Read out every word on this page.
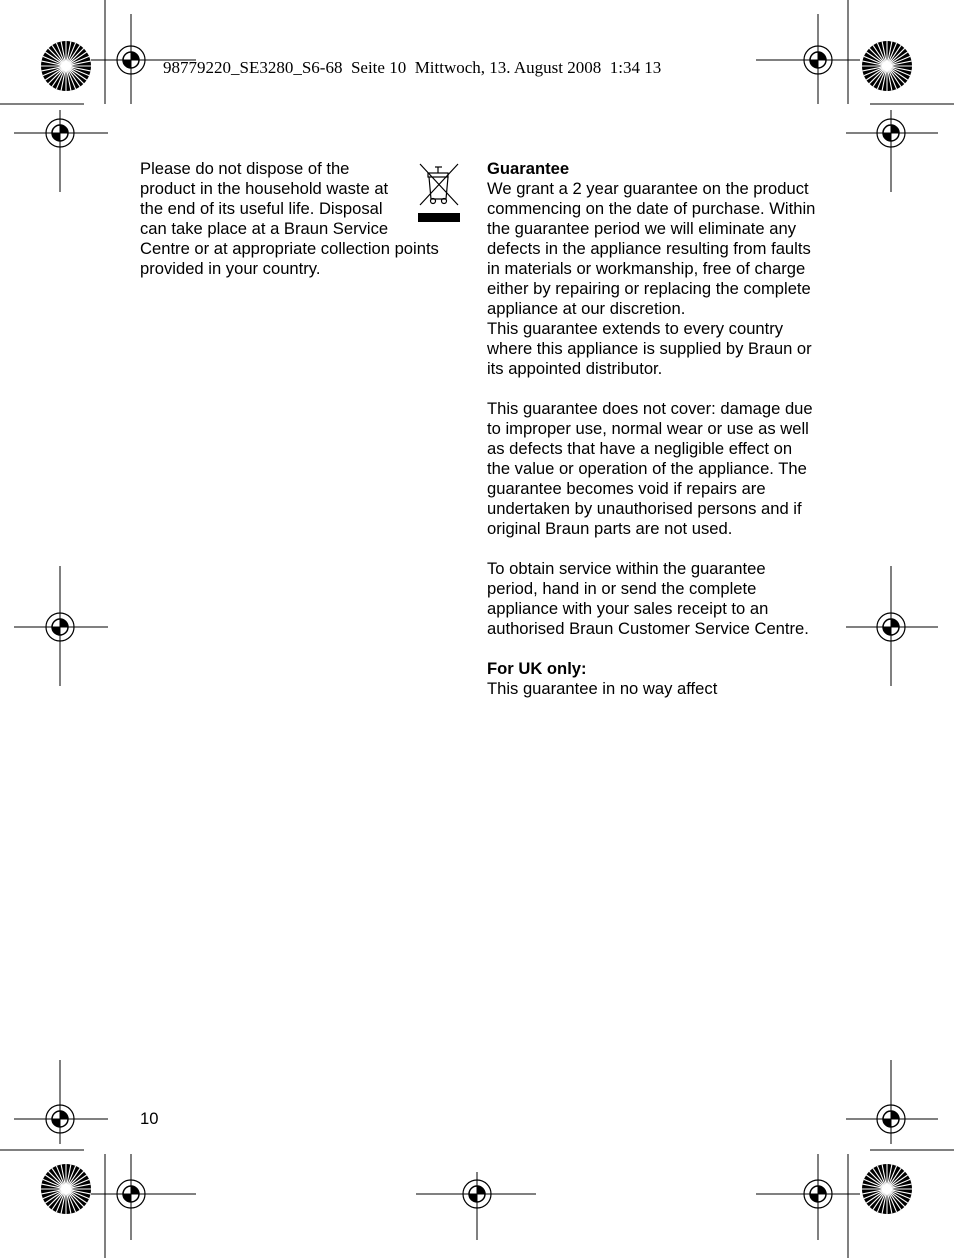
98779220_SE3280_S6-68  Seite 10  Mittwoch, 13. August 2008  1:34 13

Please do not dispose of the product in the household waste at the end of its useful life. Disposal can take place at a Braun Service Centre or at appropriate collection points provided in your country.

Guarantee
We grant a 2 year guarantee on the product commencing on the date of purchase. Within the guarantee period we will eliminate any defects in the appliance resulting from faults in materials or workmanship, free of charge either by repairing or replacing the complete appliance at our discretion.

This guarantee extends to every country where this appliance is supplied by Braun or its appointed distributor.

This guarantee does not cover: damage due to improper use, normal wear or use as well as defects that have a negligible effect on the value or operation of the appliance. The guarantee becomes void if repairs are undertaken by unauthorised persons and if original Braun parts are not used.

To obtain service within the guarantee period, hand in or send the complete appliance with your sales receipt to an authorised Braun Customer Service Centre.

For UK only:
This guarantee in no way affect

10
